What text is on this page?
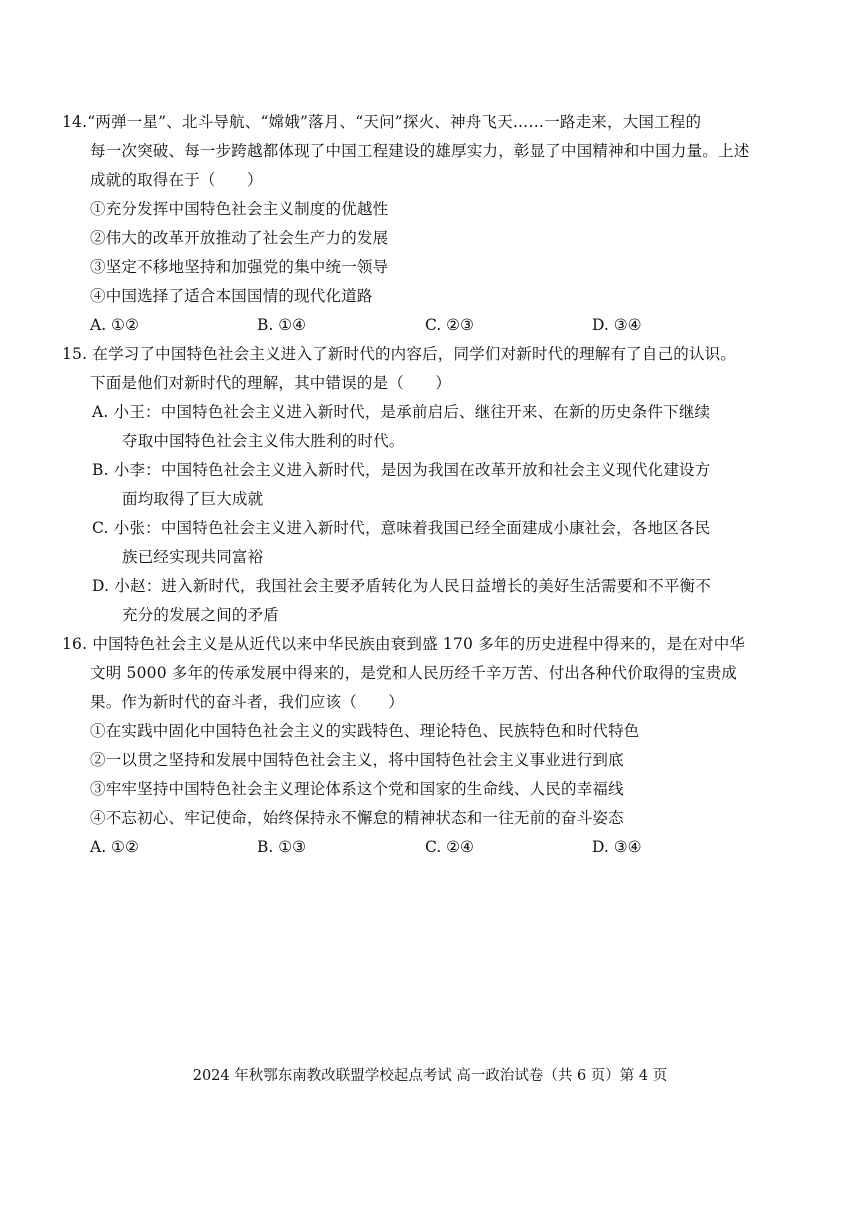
14.“两弹一星”、北斗导航、“嫦娥”落月、“天问”探火、神舟飞天……一路走来，大国工程的
每一次突破、每一步跨越都体现了中国工程建设的雄厚实力，彰显了中国精神和中国力量。上述
成就的取得在于（　　）
①充分发挥中国特色社会主义制度的优越性
②伟大的改革开放推动了社会生产力的发展
③坚定不移地坚持和加强党的集中统一领导
④中国选择了适合本国国情的现代化道路
A. ①②	B. ①④	C. ②③	D. ③④
15. 在学习了中国特色社会主义进入了新时代的内容后，同学们对新时代的理解有了自己的认识。
下面是他们对新时代的理解，其中错误的是（　　）
A. 小王：中国特色社会主义进入新时代，是承前启后、继往开来、在新的历史条件下继续
夺取中国特色社会主义伟大胜利的时代。
B. 小李：中国特色社会主义进入新时代，是因为我国在改革开放和社会主义现代化建设方
面均取得了巨大成就
C. 小张：中国特色社会主义进入新时代，意味着我国已经全面建成小康社会，各地区各民
族已经实现共同富裕
D. 小赵：进入新时代，我国社会主要矛盾转化为人民日益增长的美好生活需要和不平衡不
充分的发展之间的矛盾
16. 中国特色社会主义是从近代以来中华民族由衰到盛 170 多年的历史进程中得来的，是在对中华
文明 5000 多年的传承发展中得来的，是党和人民历经千辛万苦、付出各种代价取得的宝贵成
果。作为新时代的奋斗者，我们应该（　　）
①在实践中固化中国特色社会主义的实践特色、理论特色、民族特色和时代特色
②一以贯之坚持和发展中国特色社会主义，将中国特色社会主义事业进行到底
③牢牢坚持中国特色社会主义理论体系这个党和国家的生命线、人民的幸福线
④不忘初心、牢记使命，始终保持永不懈怠的精神状态和一往无前的奋斗姿态
A. ①②	B. ①③	C. ②④	D. ③④
2024 年秋鄂东南教改联盟学校起点考试 高一政治试卷（共 6 页）第 4 页
